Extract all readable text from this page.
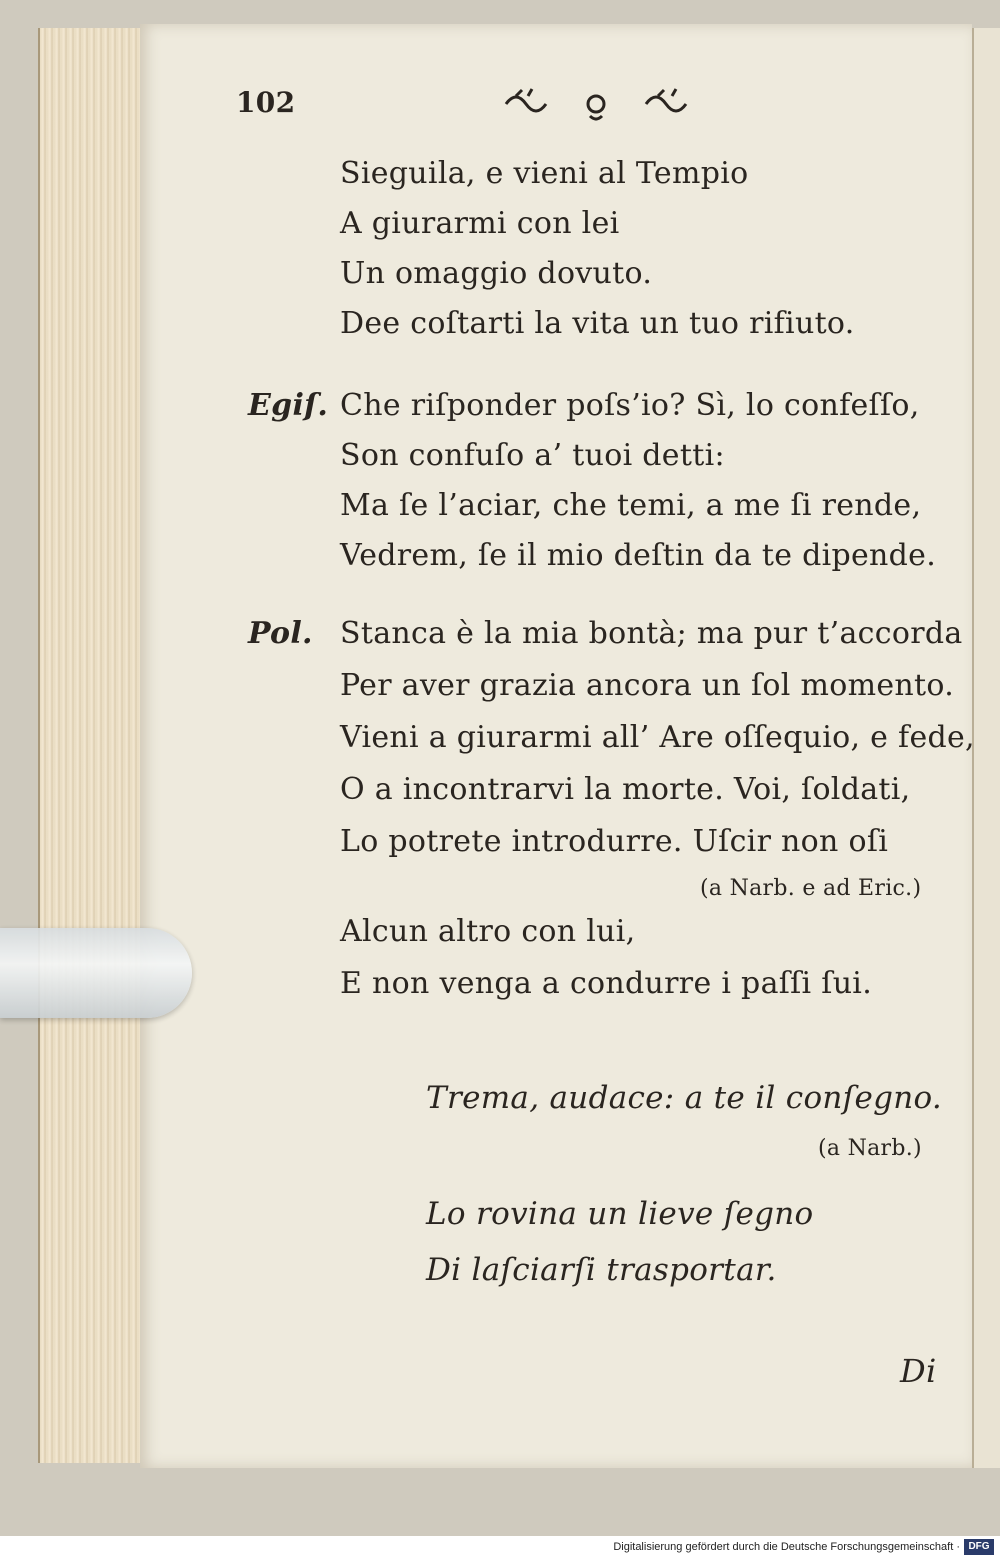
102
Sieguila, e vieni al Tempio
A giurarmi con lei
Un omaggio dovuto.
Dee coſtarti la vita un tuo rifiuto.
Egiſ. Che riſponder poſs’io? Sì, lo confeſſo,
Son confuſo a’ tuoi detti:
Ma ſe l’aciar, che temi, a me ſi rende,
Vedrem, ſe il mio deſtin da te dipende.
Pol. Stanca è la mia bontà; ma pur t’accorda
Per aver grazia ancora un ſol momento.
Vieni a giurarmi all’ Are oſſequio, e fede,
O a incontrarvi la morte. Voi, ſoldati,
Lo potrete introdurre. Uſcir non oſi
(a Narb. e ad Eric.)
Alcun altro con lui,
E non venga a condurre i paſſi ſui.
Trema, audace: a te il conſegno.
(a Narb.)
Lo rovina un lieve ſegno
Di laſciarſi trasportar.
Di
Digitalisierung gefördert durch die Deutsche Forschungsgemeinschaft · DFG
